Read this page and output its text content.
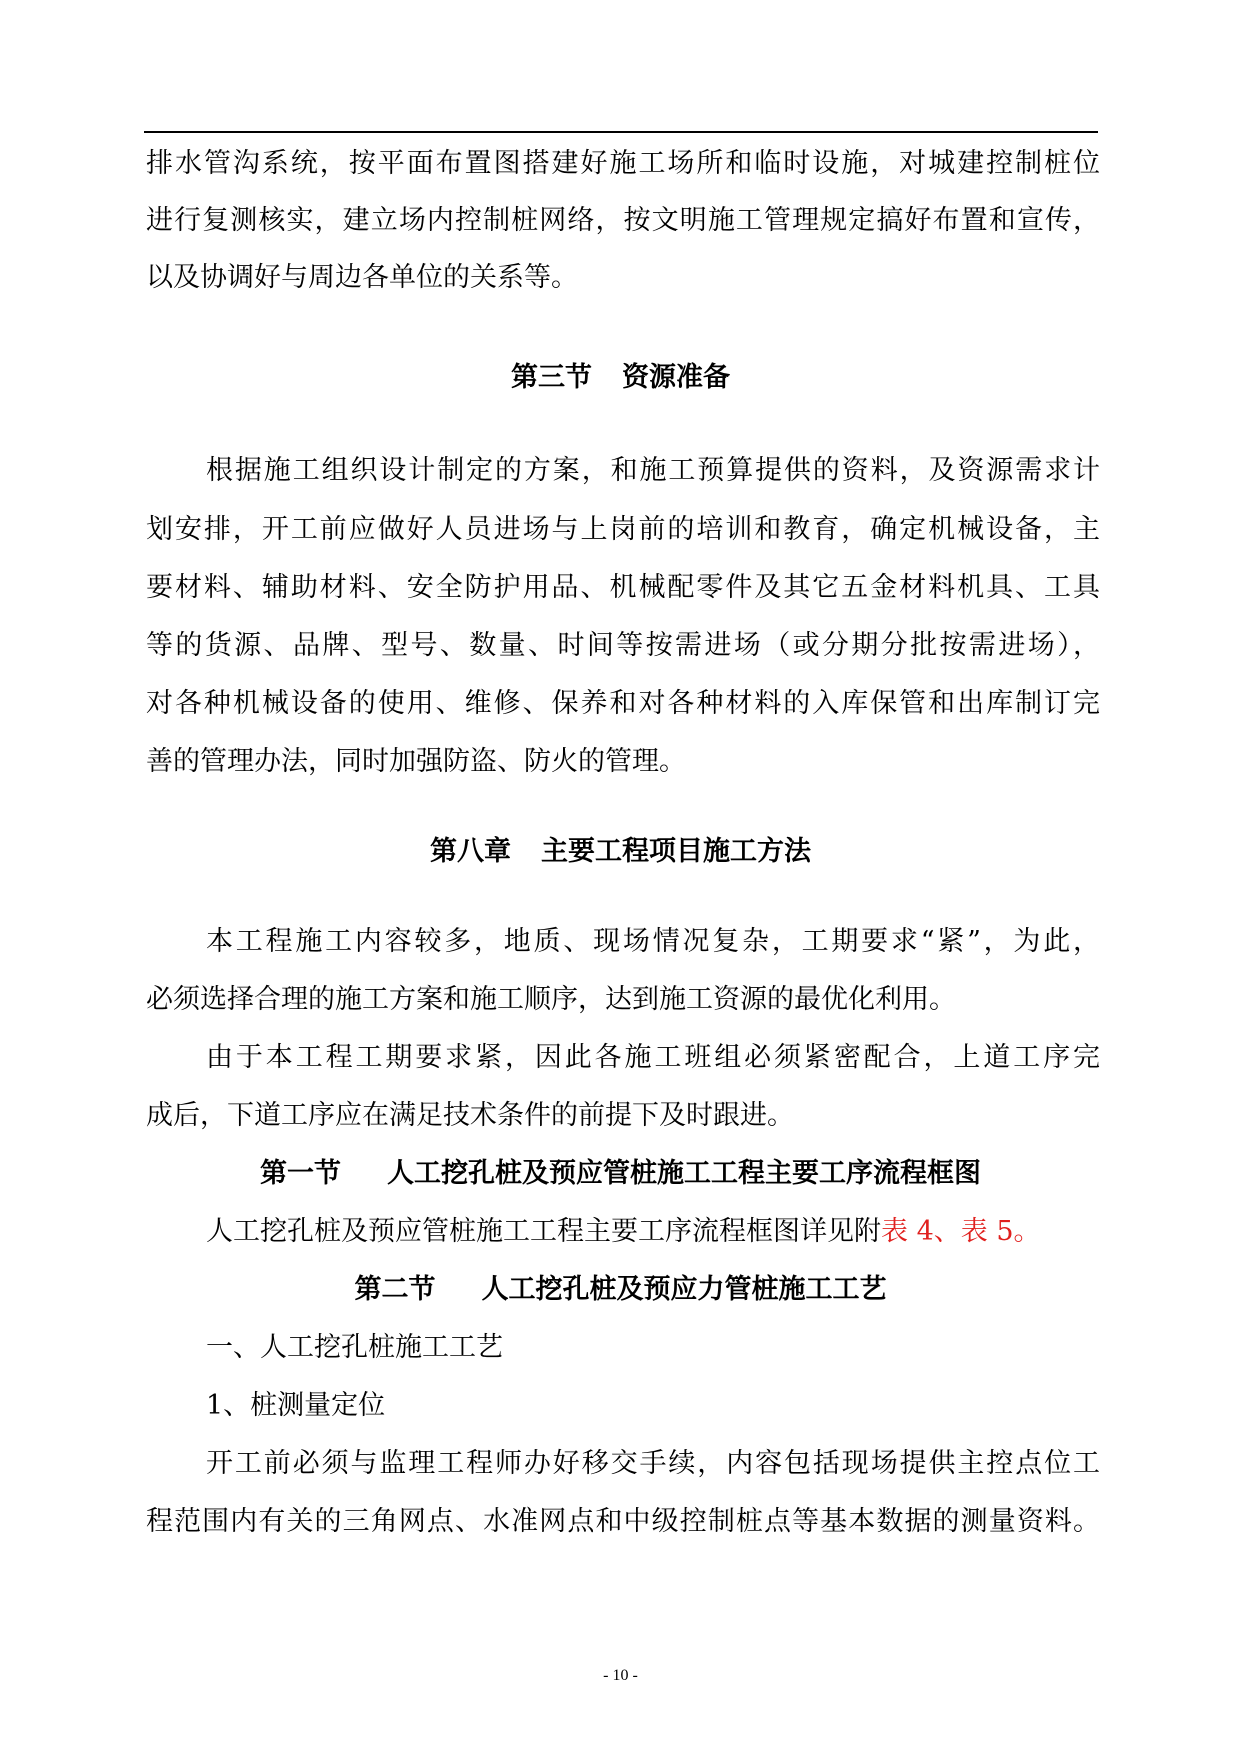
排水管沟系统，按平面布置图搭建好施工场所和临时设施，对城建控制桩位
进行复测核实，建立场内控制桩网络，按文明施工管理规定搞好布置和宣传，
以及协调好与周边各单位的关系等。
第三节 资源准备
根据施工组织设计制定的方案，和施工预算提供的资料，及资源需求计
划安排，开工前应做好人员进场与上岗前的培训和教育，确定机械设备，主
要材料、辅助材料、安全防护用品、机械配零件及其它五金材料机具、工具
等的货源、品牌、型号、数量、时间等按需进场（或分期分批按需进场），
对各种机械设备的使用、维修、保养和对各种材料的入库保管和出库制订完
善的管理办法，同时加强防盗、防火的管理。
第八章 主要工程项目施工方法
本工程施工内容较多，地质、现场情况复杂，工期要求“紧”，为此，
必须选择合理的施工方案和施工顺序，达到施工资源的最优化利用。
由于本工程工期要求紧，因此各施工班组必须紧密配合，上道工序完
成后，下道工序应在满足技术条件的前提下及时跟进。
第一节 人工挖孔桩及预应管桩施工工程主要工序流程框图
人工挖孔桩及预应管桩施工工程主要工序流程框图详见附表 4、表 5。
第二节 人工挖孔桩及预应力管桩施工工艺
一、人工挖孔桩施工工艺
1、桩测量定位
开工前必须与监理工程师办好移交手续，内容包括现场提供主控点位工
程范围内有关的三角网点、水准网点和中级控制桩点等基本数据的测量资料。
- 10 -
